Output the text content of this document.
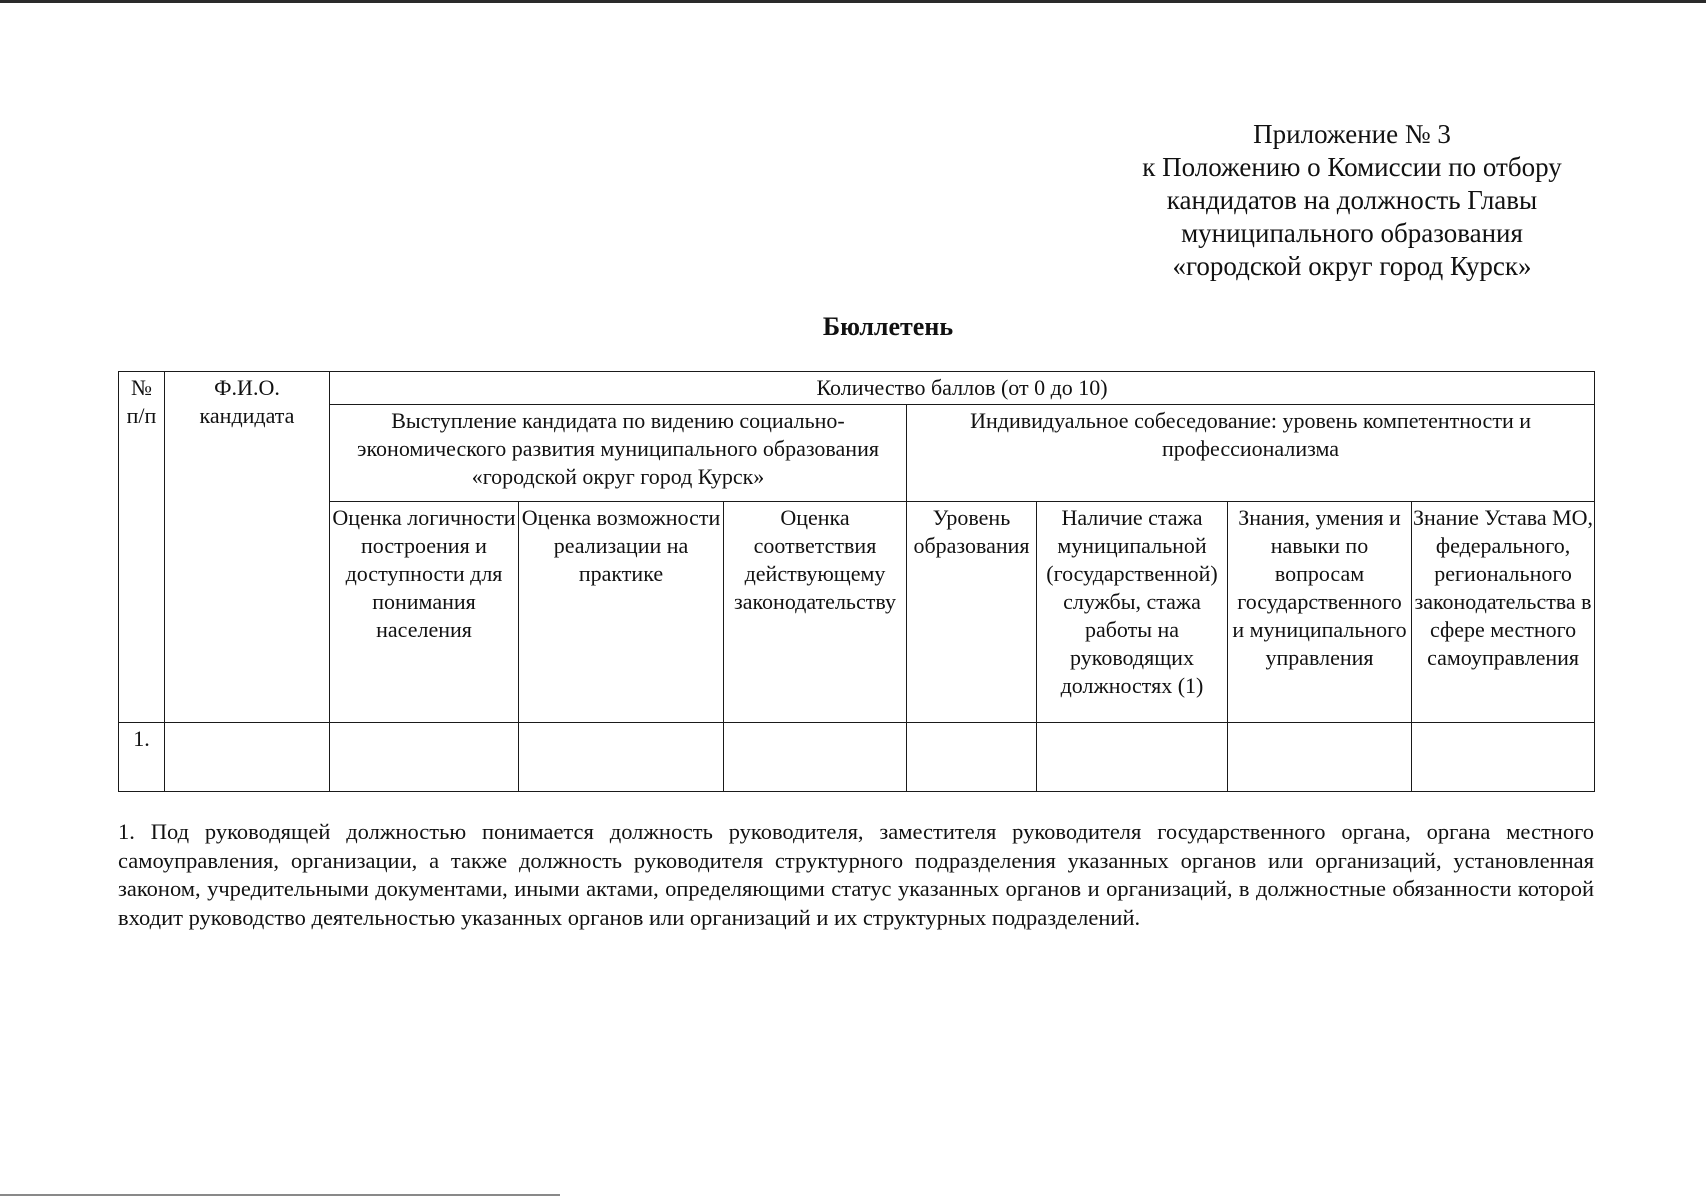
Приложение № 3
к Положению о Комиссии по отбору
кандидатов на должность Главы
муниципального образования
«городской округ город Курск»
Бюллетень
№ п/п	Ф.И.О. кандидата	Количество баллов (от 0 до 10)						
		Выступление кандидата по видению социально-экономического развития муниципального образования «городской округ город Курск»			Индивидуальное собеседование: уровень компетентности и профессионализма			
		Оценка логичности построения и доступности для понимания населения	Оценка возможности реализации на практике	Оценка соответствия действующему законодательству	Уровень образования	Наличие стажа муниципальной (государственной) службы, стажа работы на руководящих должностях (1)	Знания, умения и навыки по вопросам государственного и муниципального управления	Знание Устава МО, федерального, регионального законодательства в сфере местного самоуправления
1.								
1. Под руководящей должностью понимается должность руководителя, заместителя руководителя государственного органа, органа местного самоуправления, организации, а также должность руководителя структурного подразделения указанных органов или организаций, установленная законом, учредительными документами, иными актами, определяющими статус указанных органов и организаций, в должностные обязанности которой входит руководство деятельностью указанных органов или организаций и их структурных подразделений.
